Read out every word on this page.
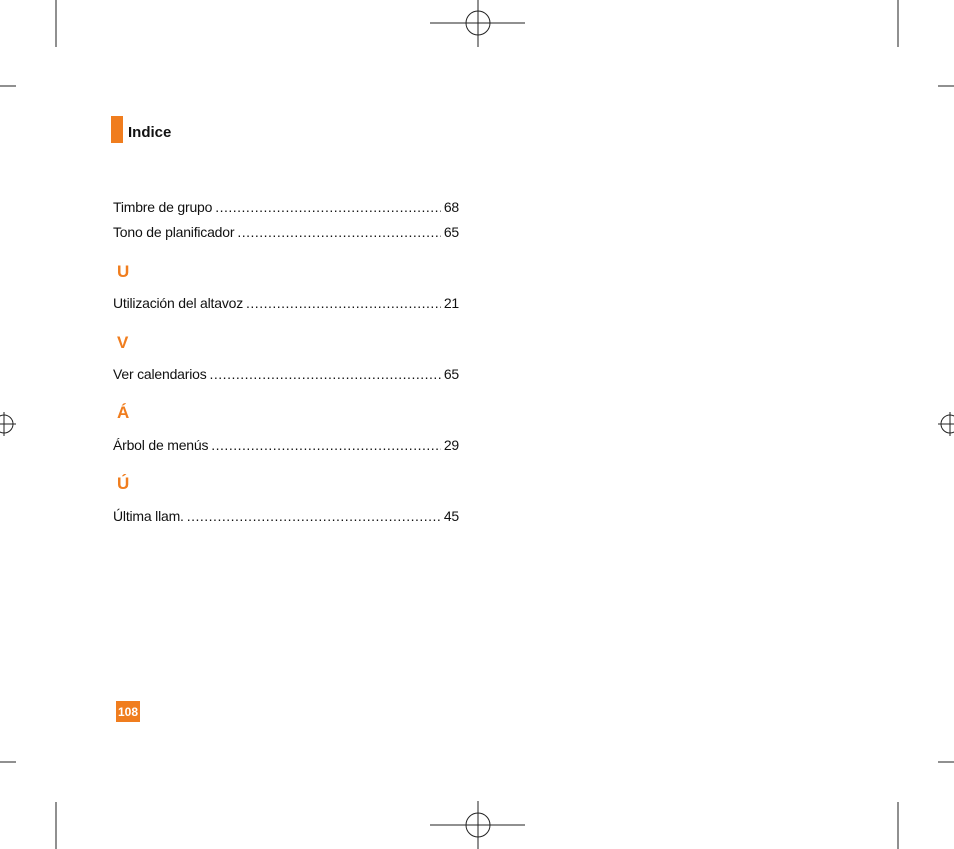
Indice
Timbre de grupo .....	68
Tono de planificador .....	65
U
Utilización del altavoz .....	21
V
Ver calendarios .....	65
Á
Árbol de menús .....	29
Ú
Última llam. .....	45
108
